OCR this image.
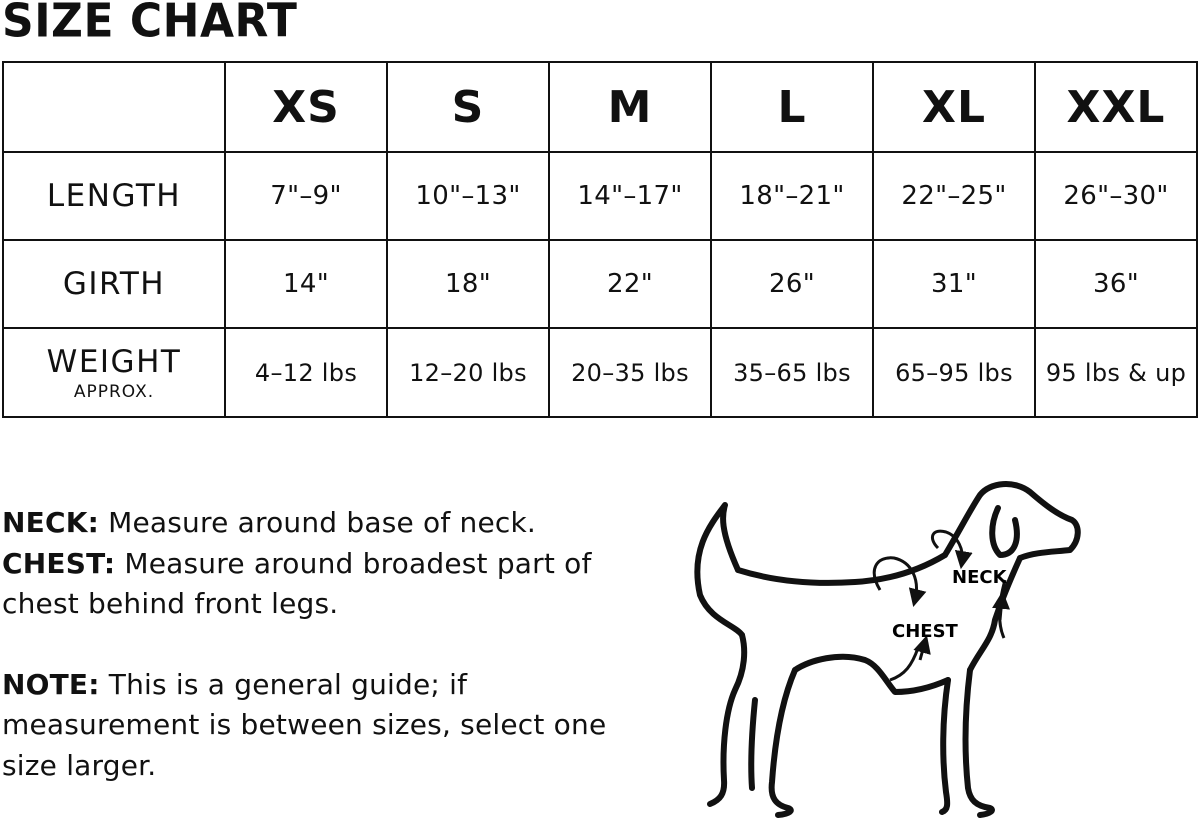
SIZE CHART
	XS	S	M	L	XL	XXL
LENGTH	7"–9"	10"–13"	14"–17"	18"–21"	22"–25"	26"–30"
GIRTH	14"	18"	22"	26"	31"	36"
WEIGHT
APPROX.	4–12 lbs	12–20 lbs	20–35 lbs	35–65 lbs	65–95 lbs	95 lbs & up

NECK: Measure around base of neck.

CHEST: Measure around broadest part of chest behind front legs.

NOTE: This is a general guide; if measurement is between sizes, select one size larger.

NECK
CHEST
